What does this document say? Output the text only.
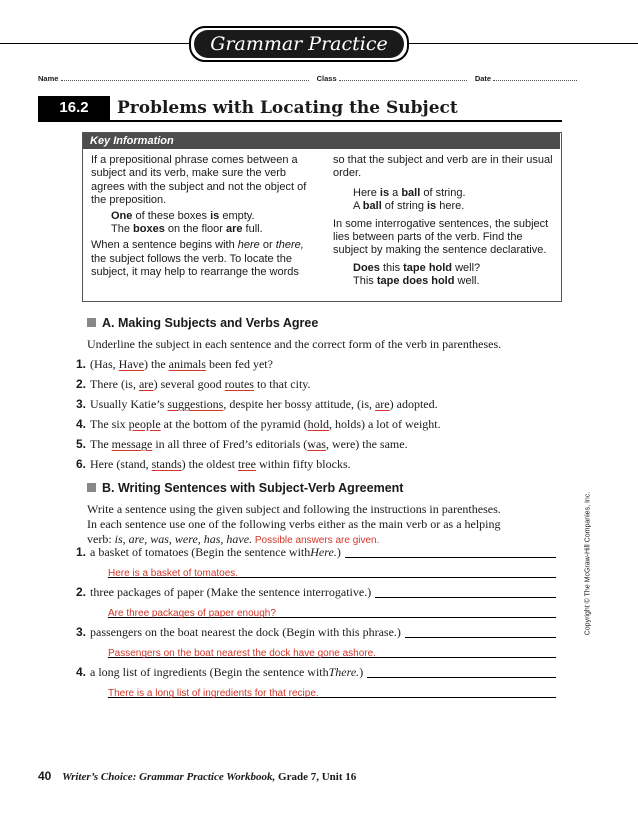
Grammar Practice
Name	Class	Date
16.2	Problems with Locating the Subject
Key Information

If a prepositional phrase comes between a subject and its verb, make sure the verb agrees with the subject and not the object of the preposition.

One of these boxes is empty.

The boxes on the floor are full.

When a sentence begins with here or there, the subject follows the verb. To locate the subject, it may help to rearrange the words

so that the subject and verb are in their usual order.

Here is a ball of string.

A ball of string is here.

In some interrogative sentences, the subject lies between parts of the verb. Find the subject by making the sentence declarative.

Does this tape hold well?

This tape does hold well.

A. Making Subjects and Verbs Agree
Underline the subject in each sentence and the correct form of the verb in parentheses.
1. (Has, Have) the animals been fed yet?
2. There (is, are) several good routes to that city.
3. Usually Katie’s suggestions, despite her bossy attitude, (is, are) adopted.
4. The six people at the bottom of the pyramid (hold, holds) a lot of weight.
5. The message in all three of Fred’s editorials (was, were) the same.
6. Here (stand, stands) the oldest tree within fifty blocks.
B. Writing Sentences with Subject-Verb Agreement
Write a sentence using the given subject and following the instructions in parentheses.
In each sentence use one of the following verbs either as the main verb or as a helping
verb: is, are, was, were, has, have. Possible answers are given.
1. a basket of tomatoes (Begin the sentence with Here. )
Here is a basket of tomatoes.
2. three packages of paper (Make the sentence interrogative.)
Are three packages of paper enough?
3. passengers on the boat nearest the dock (Begin with this phrase.)
Passengers on the boat nearest the dock have gone ashore.
4. a long list of ingredients (Begin the sentence with There. )
There is a long list of ingredients for that recipe.
Copyright © The McGraw-Hill Companies, Inc.
40 Writer’s Choice: Grammar Practice Workbook, Grade 7, Unit 16
